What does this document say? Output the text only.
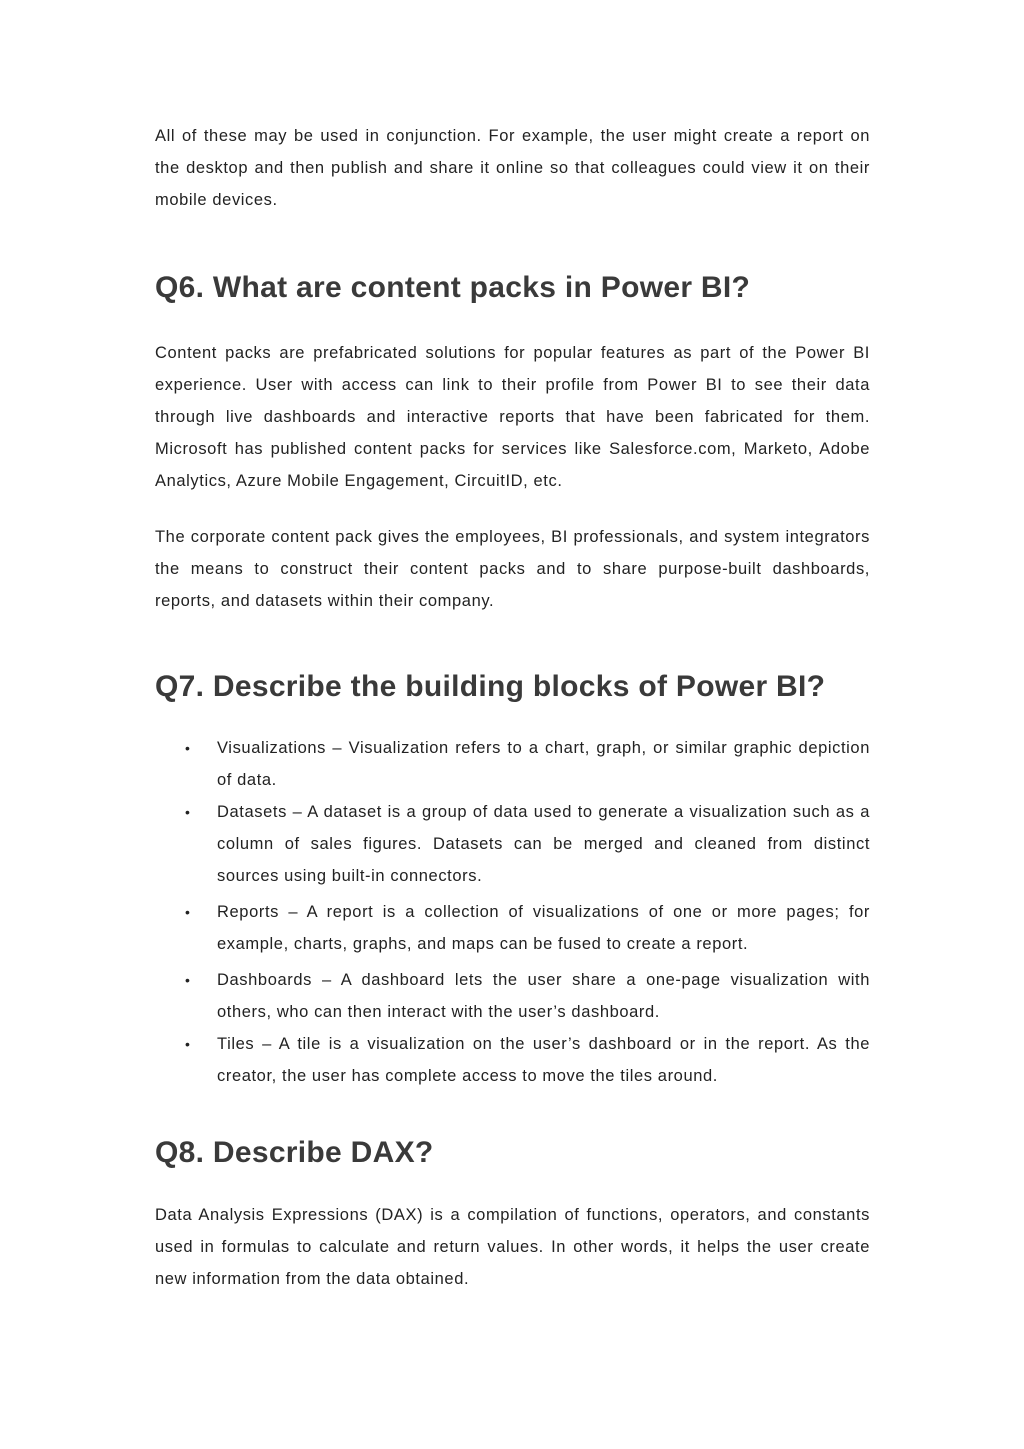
All of these may be used in conjunction. For example, the user might create a report on the desktop and then publish and share it online so that colleagues could view it on their mobile devices.

Q6. What are content packs in Power BI?

Content packs are prefabricated solutions for popular features as part of the Power BI experience. User with access can link to their profile from Power BI to see their data through live dashboards and interactive reports that have been fabricated for them. Microsoft has published content packs for services like Salesforce.com, Marketo, Adobe Analytics, Azure Mobile Engagement, CircuitID, etc.

The corporate content pack gives the employees, BI professionals, and system integrators the means to construct their content packs and to share purpose-built dashboards, reports, and datasets within their company.

Q7. Describe the building blocks of Power BI?
• Visualizations – Visualization refers to a chart, graph, or similar graphic depiction of data.
• Datasets – A dataset is a group of data used to generate a visualization such as a column of sales figures. Datasets can be merged and cleaned from distinct sources using built-in connectors.
• Reports – A report is a collection of visualizations of one or more pages; for example, charts, graphs, and maps can be fused to create a report.
• Dashboards – A dashboard lets the user share a one-page visualization with others, who can then interact with the user’s dashboard.
• Tiles – A tile is a visualization on the user’s dashboard or in the report. As the creator, the user has complete access to move the tiles around.
Q8. Describe DAX?

Data Analysis Expressions (DAX) is a compilation of functions, operators, and constants used in formulas to calculate and return values. In other words, it helps the user create new information from the data obtained.
